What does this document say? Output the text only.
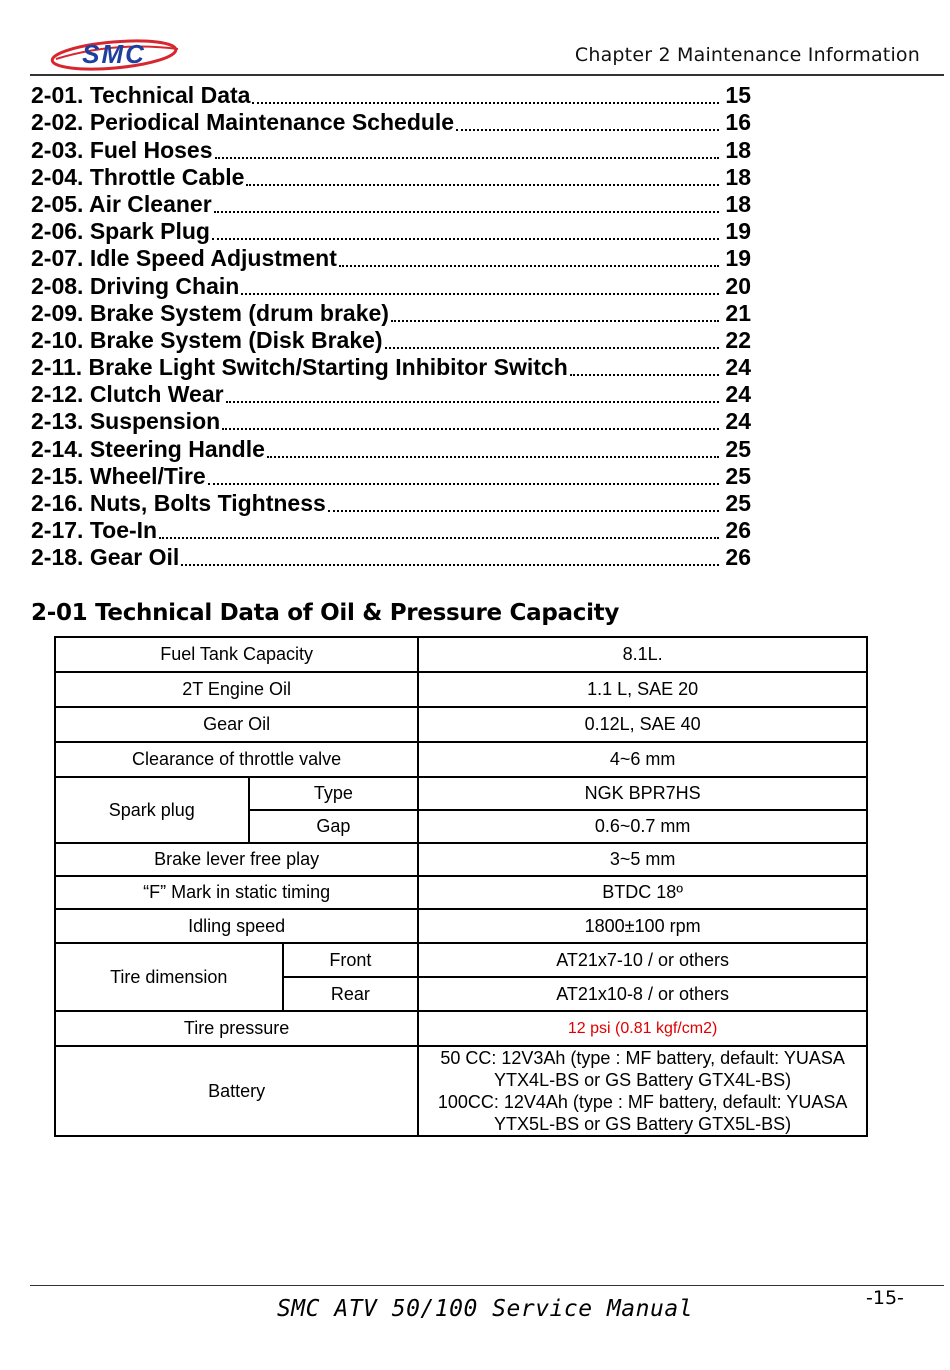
SMC	Chapter 2 Maintenance Information
2-01. Technical Data	15
2-02. Periodical Maintenance Schedule	16
2-03. Fuel Hoses	18
2-04. Throttle Cable	18
2-05. Air Cleaner	18
2-06. Spark Plug	19
2-07. Idle Speed Adjustment	19
2-08. Driving Chain	20
2-09. Brake System (drum brake)	21
2-10. Brake System (Disk Brake)	22
2-11. Brake Light Switch/Starting Inhibitor Switch	24
2-12. Clutch Wear	24
2-13. Suspension	24
2-14. Steering Handle	25
2-15. Wheel/Tire	25
2-16. Nuts, Bolts Tightness	25
2-17. Toe-In	26
2-18. Gear Oil	26
2-01 Technical Data of Oil & Pressure Capacity
Fuel Tank Capacity			8.1L.
2T Engine Oil			1.1 L, SAE 20
Gear Oil			0.12L, SAE 40
Clearance of throttle valve			4~6 mm
Spark plug	Type		NGK BPR7HS
	Gap		0.6~0.7 mm
Brake lever free play			3~5 mm
“F” Mark in static timing			BTDC 18º
Idling speed			1800±100 rpm
Tire dimension		Front	AT21x7-10 / or others
		Rear	AT21x10-8 / or others
Tire pressure			12 psi (0.81 kgf/cm2)
Battery			50 CC: 12V3Ah (type : MF battery, default: YUASA
YTX4L-BS or GS Battery GTX4L-BS)
100CC: 12V4Ah (type : MF battery, default: YUASA
YTX5L-BS or GS Battery GTX5L-BS)
-15-
SMC ATV 50/100 Service Manual
